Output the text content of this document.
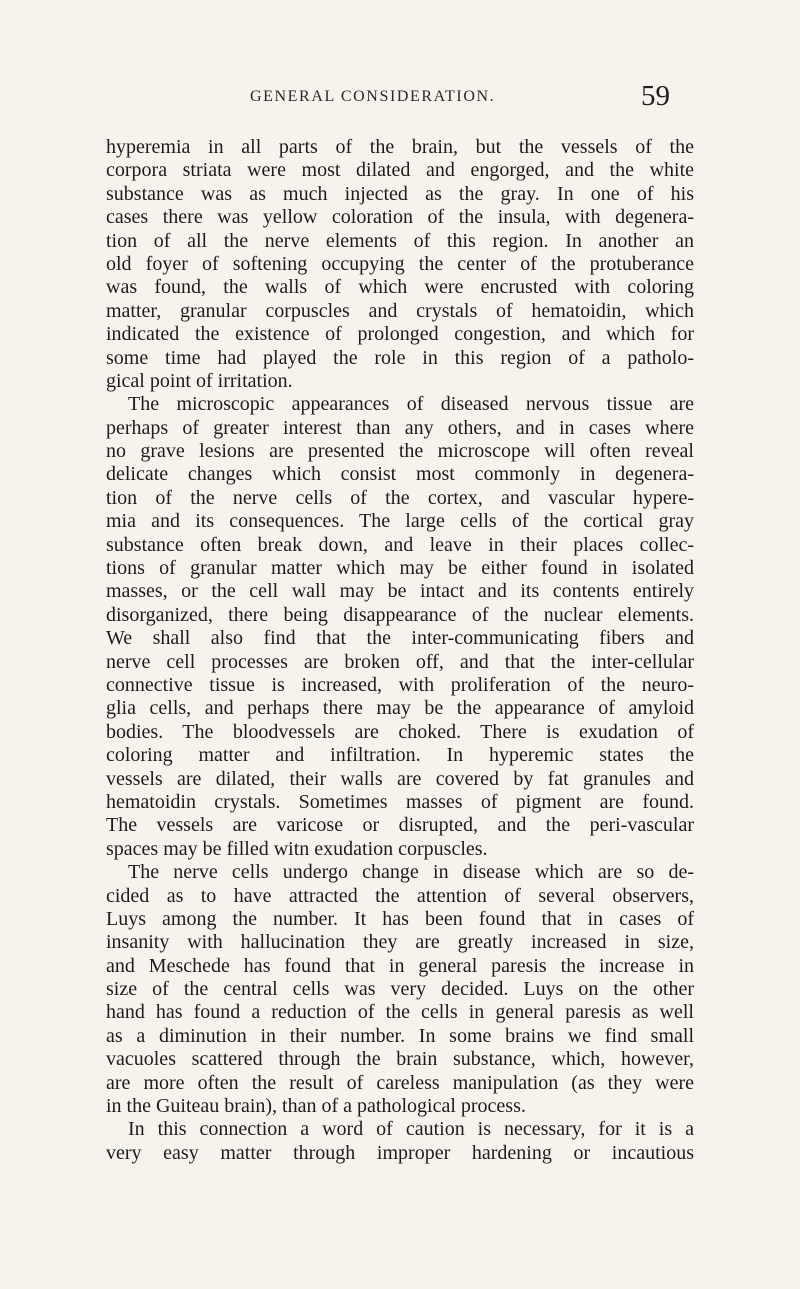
GENERAL CONSIDERATION.	59
hyperemia in all parts of the brain, but the vessels of the
corpora striata were most dilated and engorged, and the white
substance was as much injected as the gray. In one of his
cases there was yellow coloration of the insula, with degenera-
tion of all the nerve elements of this region. In another an
old foyer of softening occupying the center of the protuberance
was found, the walls of which were encrusted with coloring
matter, granular corpuscles and crystals of hematoidin, which
indicated the existence of prolonged congestion, and which for
some time had played the role in this region of a patholo-
gical point of irritation.
The microscopic appearances of diseased nervous tissue are
perhaps of greater interest than any others, and in cases where
no grave lesions are presented the microscope will often reveal
delicate changes which consist most commonly in degenera-
tion of the nerve cells of the cortex, and vascular hypere-
mia and its consequences. The large cells of the cortical gray
substance often break down, and leave in their places collec-
tions of granular matter which may be either found in isolated
masses, or the cell wall may be intact and its contents entirely
disorganized, there being disappearance of the nuclear elements.
We shall also find that the inter-communicating fibers and
nerve cell processes are broken off, and that the inter-cellular
connective tissue is increased, with proliferation of the neuro-
glia cells, and perhaps there may be the appearance of amyloid
bodies. The bloodvessels are choked. There is exudation of
coloring matter and infiltration. In hyperemic states the
vessels are dilated, their walls are covered by fat granules and
hematoidin crystals. Sometimes masses of pigment are found.
The vessels are varicose or disrupted, and the peri-vascular
spaces may be filled witn exudation corpuscles.
The nerve cells undergo change in disease which are so de-
cided as to have attracted the attention of several observers,
Luys among the number. It has been found that in cases of
insanity with hallucination they are greatly increased in size,
and Meschede has found that in general paresis the increase in
size of the central cells was very decided. Luys on the other
hand has found a reduction of the cells in general paresis as well
as a diminution in their number. In some brains we find small
vacuoles scattered through the brain substance, which, however,
are more often the result of careless manipulation (as they were
in the Guiteau brain), than of a pathological process.
In this connection a word of caution is necessary, for it is a
very easy matter through improper hardening or incautious
